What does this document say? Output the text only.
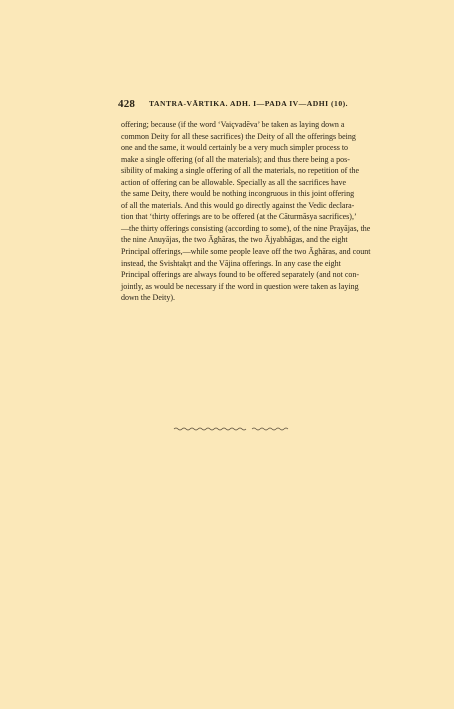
428 TANTRA-VĀRTIKA. ADH. I—PADA IV—ADHI (10).
offering; because (if the word ‘Vaiçvadēva’ be taken as laying down a
common Deity for all these sacrifices) the Deity of all the offerings being
one and the same, it would certainly be a very much simpler process to
make a single offering (of all the materials); and thus there being a pos-
sibility of making a single offering of all the materials, no repetition of the
action of offering can be allowable. Specially as all the sacrifices have
the same Deity, there would be nothing incongruous in this joint offering
of all the materials. And this would go directly against the Vedic declara-
tion that ‘thirty offerings are to be offered (at the Cāturmāsya sacrifices),’
—the thirty offerings consisting (according to some), of the nine Prayājas, the
the nine Anuyājas, the two Āghāras, the two Ājyabhāgas, and the eight
Principal offerings,—while some people leave off the two Āghāras, and count
instead, the Svishtakṛt and the Vājina offerings. In any case the eight
Principal offerings are always found to be offered separately (and not con-
jointly, as would be necessary if the word in question were taken as laying
down the Deity).
